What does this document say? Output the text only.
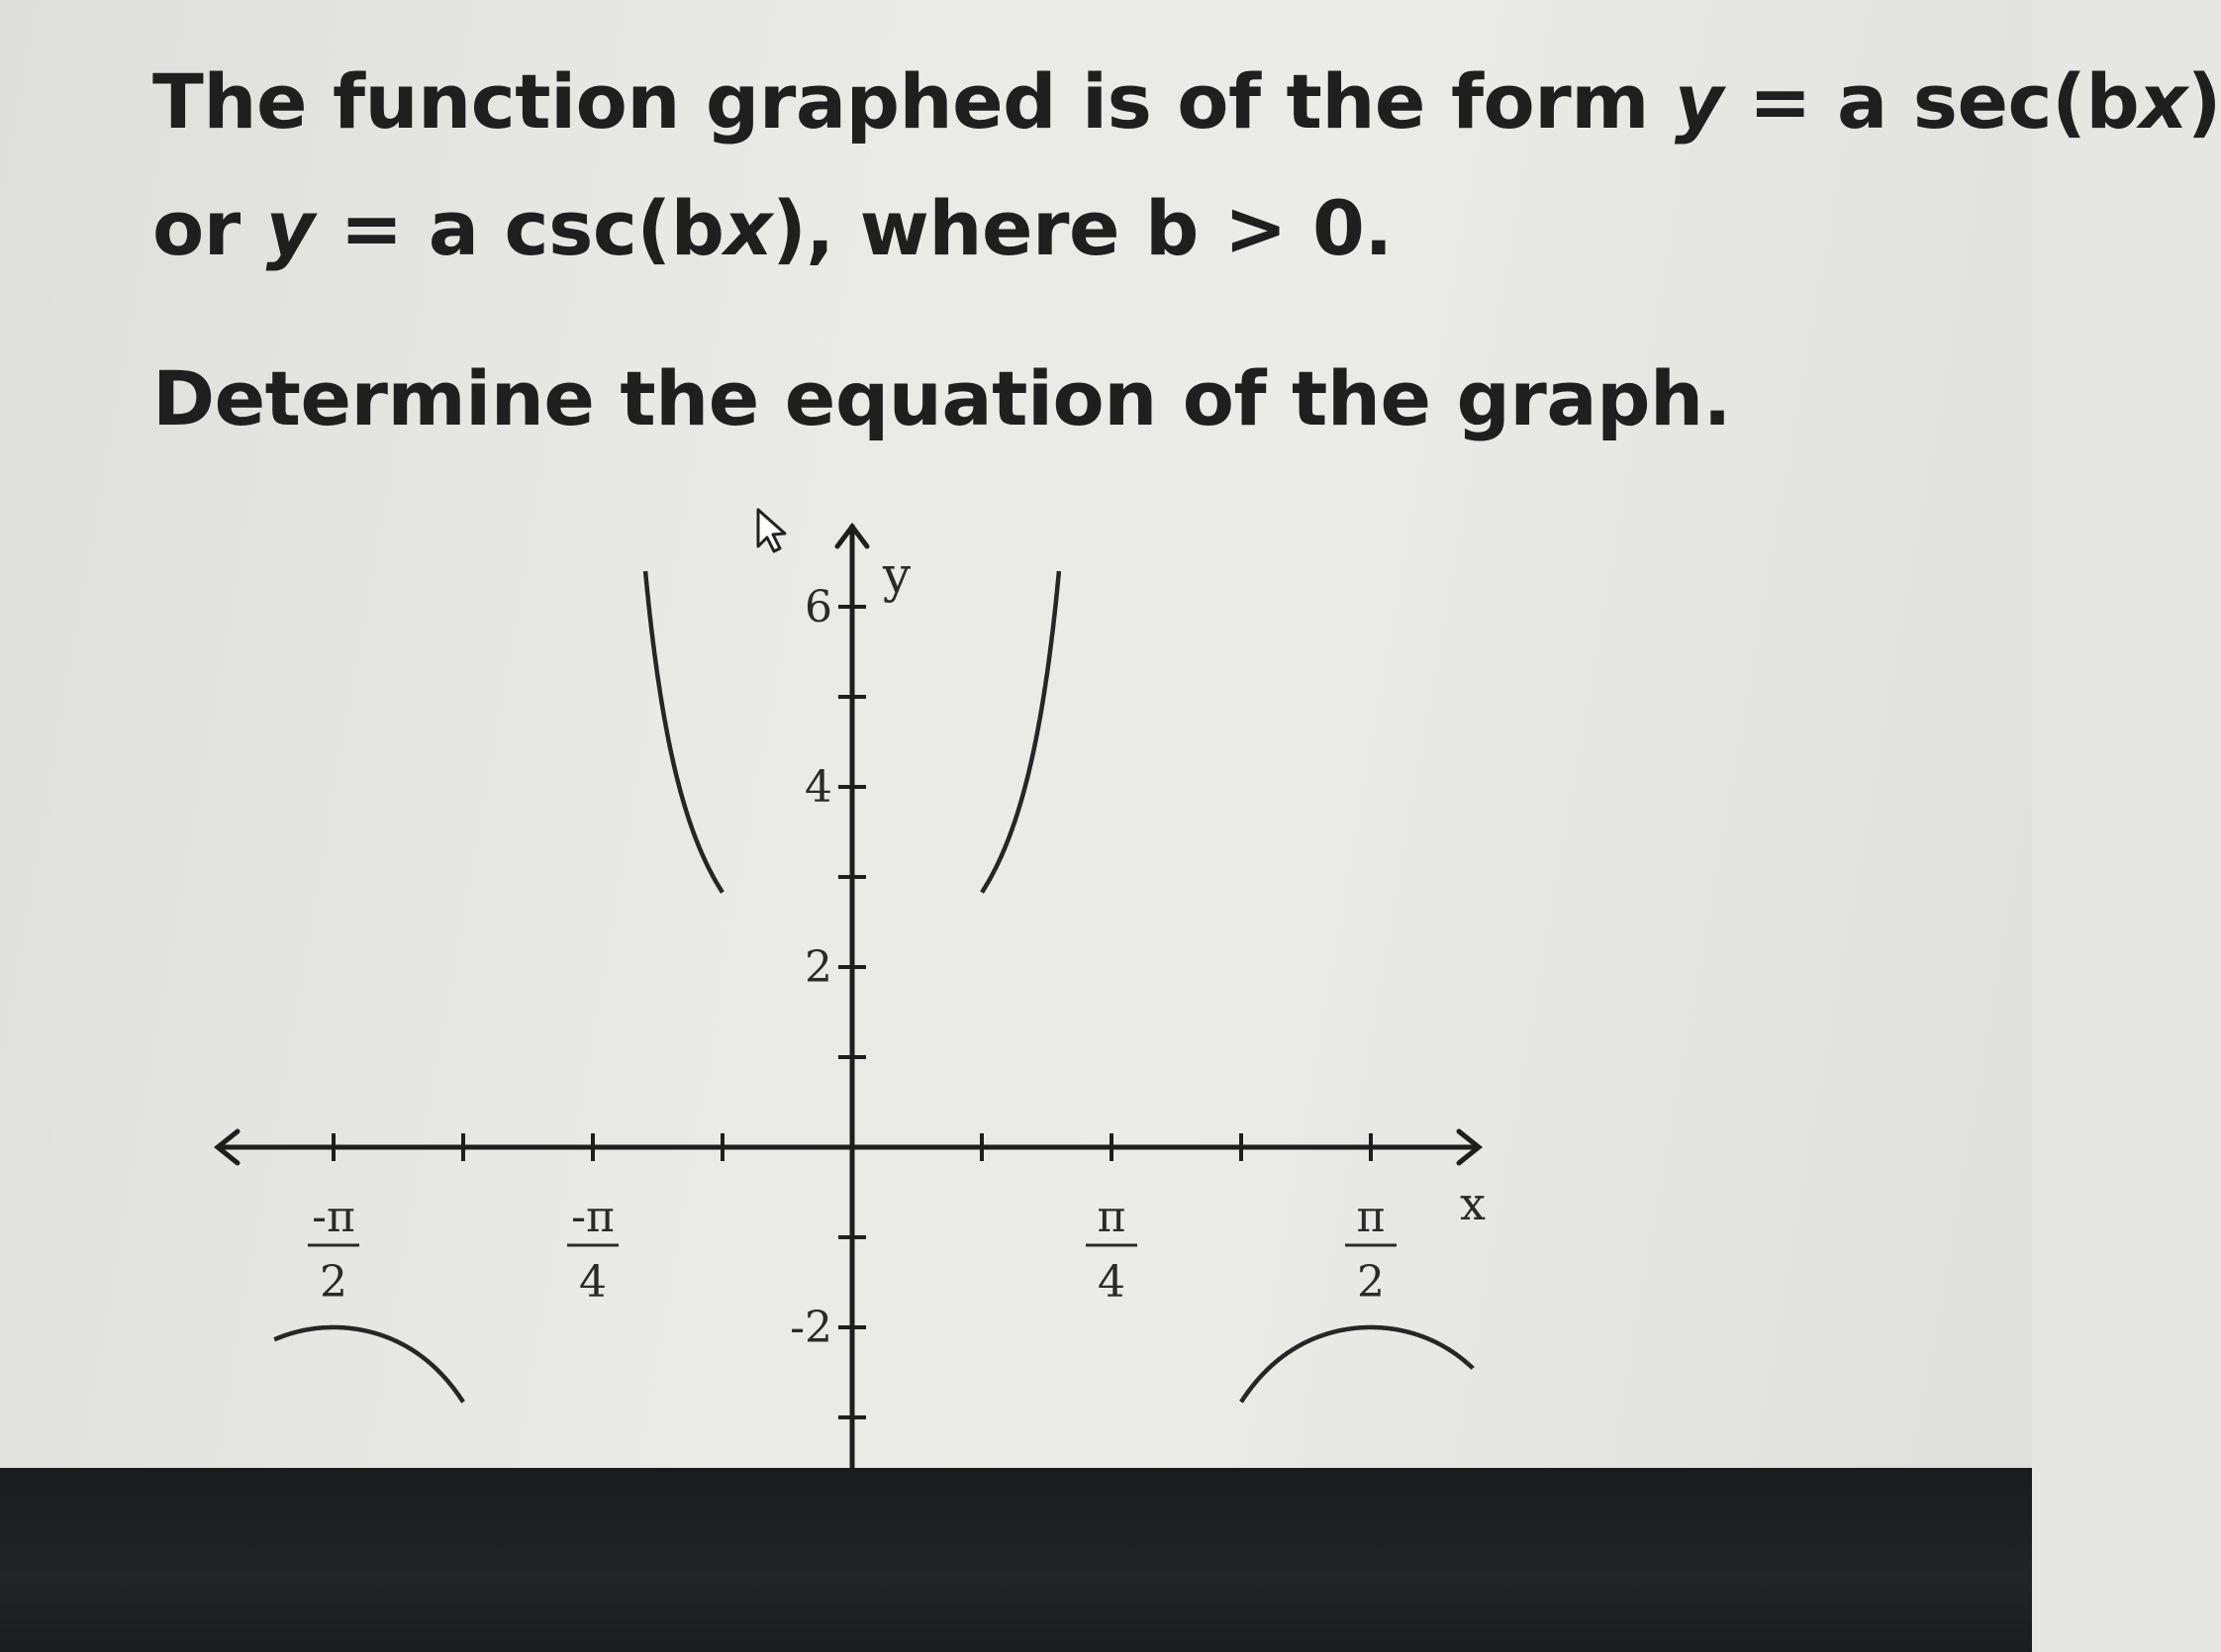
The function graphed is of the form y = a sec(bx)

or y = a csc(bx), where b > 0.

Determine the equation of the graph.

-π
2
-π
4
π
4
π
2
6
4
2
-2
x
y
